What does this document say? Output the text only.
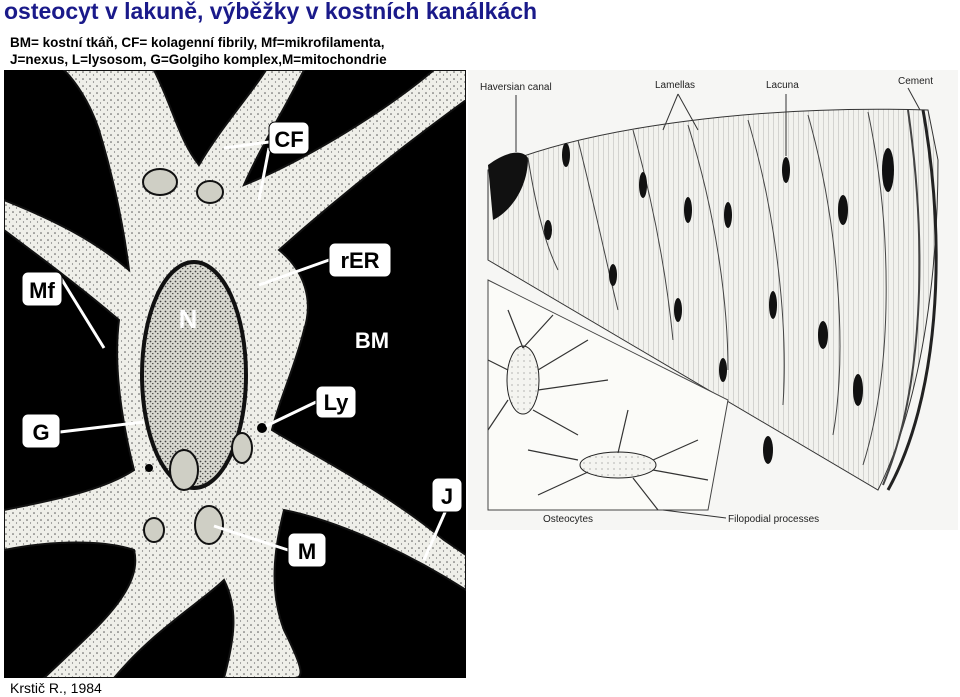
osteocyt v lakuně, výběžky v kostních kanálkách
BM= kostní tkáň, CF= kolagenní fibrily, Mf=mikrofilamenta,
J=nexus, L=lysosom, G=Golgiho komplex,M=mitochondrie
CF
rER
Mf
N
BM
Ly
G
J
M
Haversian canal	Lamellas	Lacuna	Cement
Osteocytes	Filopodial processes
Krstič R., 1984
